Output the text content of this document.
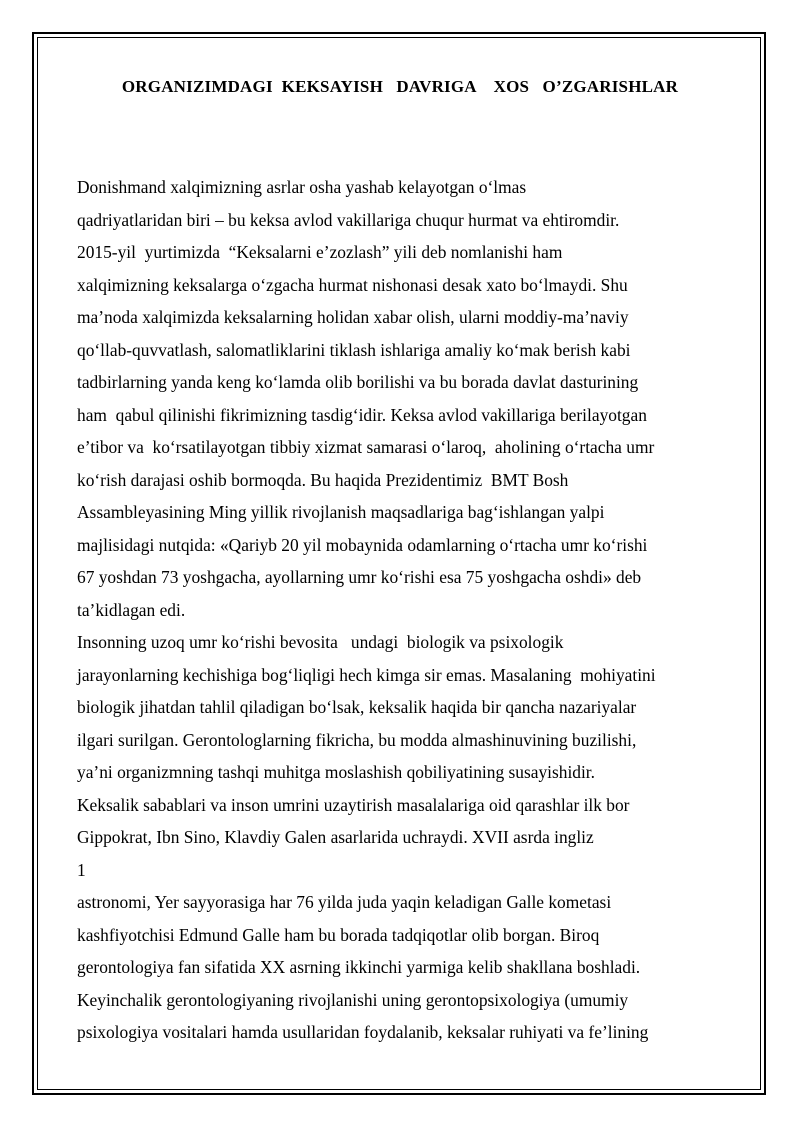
ORGANIZIMDAGI  KEKSAYISH   DAVRIGA    XOS   O’ZGARISHLAR

Donishmand xalqimizning asrlar osha yashab kelayotgan o‘lmas

qadriyatlaridan biri – bu keksa avlod vakillariga chuqur hurmat va ehtiromdir.

2015-yil  yurtimizda  “Keksalarni e’zozlash” yili deb nomlanishi ham

xalqimizning keksalarga o‘zgacha hurmat nishonasi desak xato bo‘lmaydi. Shu

ma’noda xalqimizda keksalarning holidan xabar olish, ularni moddiy-ma’naviy

qo‘llab-quvvatlash, salomatliklarini tiklash ishlariga amaliy ko‘mak berish kabi

tadbirlarning yanda keng ko‘lamda olib borilishi va bu borada davlat dasturining

ham  qabul qilinishi fikrimizning tasdig‘idir. Keksa avlod vakillariga berilayotgan

e’tibor va  ko‘rsatilayotgan tibbiy xizmat samarasi o‘laroq,  aholining o‘rtacha umr

ko‘rish darajasi oshib bormoqda. Bu haqida Prezidentimiz  BMT Bosh

Assambleyasining Ming yillik rivojlanish maqsadlariga bag‘ishlangan yalpi

majlisidagi nutqida: «Qariyb 20 yil mobaynida odamlarning o‘rtacha umr ko‘rishi

67 yoshdan 73 yoshgacha, ayollarning umr ko‘rishi esa 75 yoshgacha oshdi» deb

ta’kidlagan edi.

Insonning uzoq umr ko‘rishi bevosita   undagi  biologik va psixologik

jarayonlarning kechishiga bog‘liqligi hech kimga sir emas. Masalaning  mohiyatini

biologik jihatdan tahlil qiladigan bo‘lsak, keksalik haqida bir qancha nazariyalar

ilgari surilgan. Gerontologlarning fikricha, bu modda almashinuvining buzilishi,

ya’ni organizmning tashqi muhitga moslashish qobiliyatining susayishidir.

Keksalik sabablari va inson umrini uzaytirish masalalariga oid qarashlar ilk bor

Gippokrat, Ibn Sino, Klavdiy Galen asarlarida uchraydi. XVII asrda ingliz

1

astronomi, Yer sayyorasiga har 76 yilda juda yaqin keladigan Galle kometasi

kashfiyotchisi Edmund Galle ham bu borada tadqiqotlar olib borgan. Biroq

gerontologiya fan sifatida XX asrning ikkinchi yarmiga kelib shakllana boshladi.

Keyinchalik gerontologiyaning rivojlanishi uning gerontopsixologiya (umumiy

psixologiya vositalari hamda usullaridan foydalanib, keksalar ruhiyati va fe’lining
